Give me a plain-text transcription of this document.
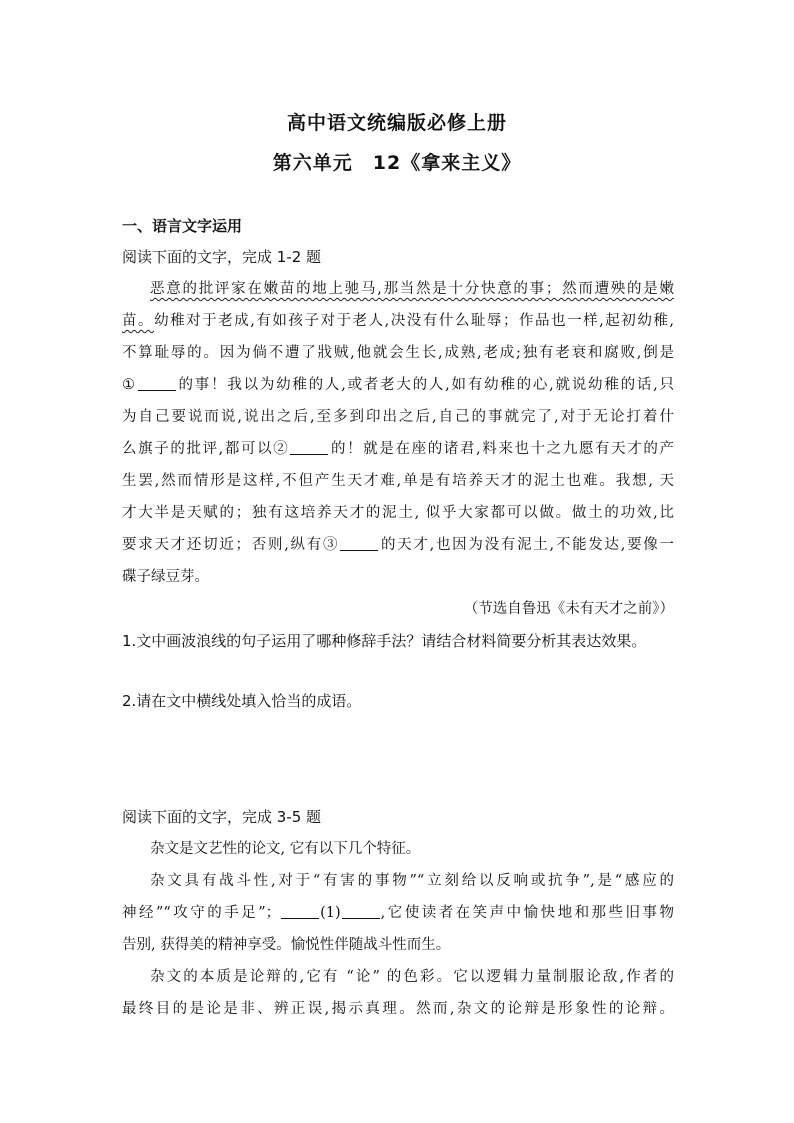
高中语文统编版必修上册
第六单元　12《拿来主义》
一、语言文字运用
阅读下面的文字，完成 1-2 题
恶意的批评家在嫩苗的地上驰马,那当然是十分快意的事；然而遭殃的是嫩
苗。幼稚对于老成,有如孩子对于老人,决没有什么耻辱；作品也一样,起初幼稚,
不算耻辱的。因为倘不遭了戕贼,他就会生长,成熟,老成;独有老衰和腐败,倒是
①	的事！我以为幼稚的人,或者老大的人,如有幼稚的心,就说幼稚的话,只
为自己要说而说,说出之后,至多到印出之后,自己的事就完了,对于无论打着什
么旗子的批评,都可以②	的！就是在座的诸君,料来也十之九愿有天才的产
生罢,然而情形是这样,不但产生天才难,单是有培养天才的泥土也难。我想, 天
才大半是天赋的；独有这培养天才的泥土, 似乎大家都可以做。做土的功效,比
要求天才还切近；否则,纵有③	的天才,也因为没有泥土,不能发达,要像一
碟子绿豆芽。
（节选自鲁迅《未有天才之前》）
1.文中画波浪线的句子运用了哪种修辞手法？请结合材料简要分析其表达效果。
2.请在文中横线处填入恰当的成语。
阅读下面的文字，完成 3-5 题
杂文是文艺性的论文, 它有以下几个特征。
杂文具有战斗性,对于“有害的事物”“立刻给以反响或抗争”,是“感应的
神经”“攻守的手足”；	(1)	,它使读者在笑声中愉快地和那些旧事物
告别, 获得美的精神享受。愉悦性伴随战斗性而生。
杂文的本质是论辩的,它有 “论” 的色彩。它以逻辑力量制服论敌,作者的
最终目的是论是非、辨正误,揭示真理。然而,杂文的论辩是形象性的论辩。
